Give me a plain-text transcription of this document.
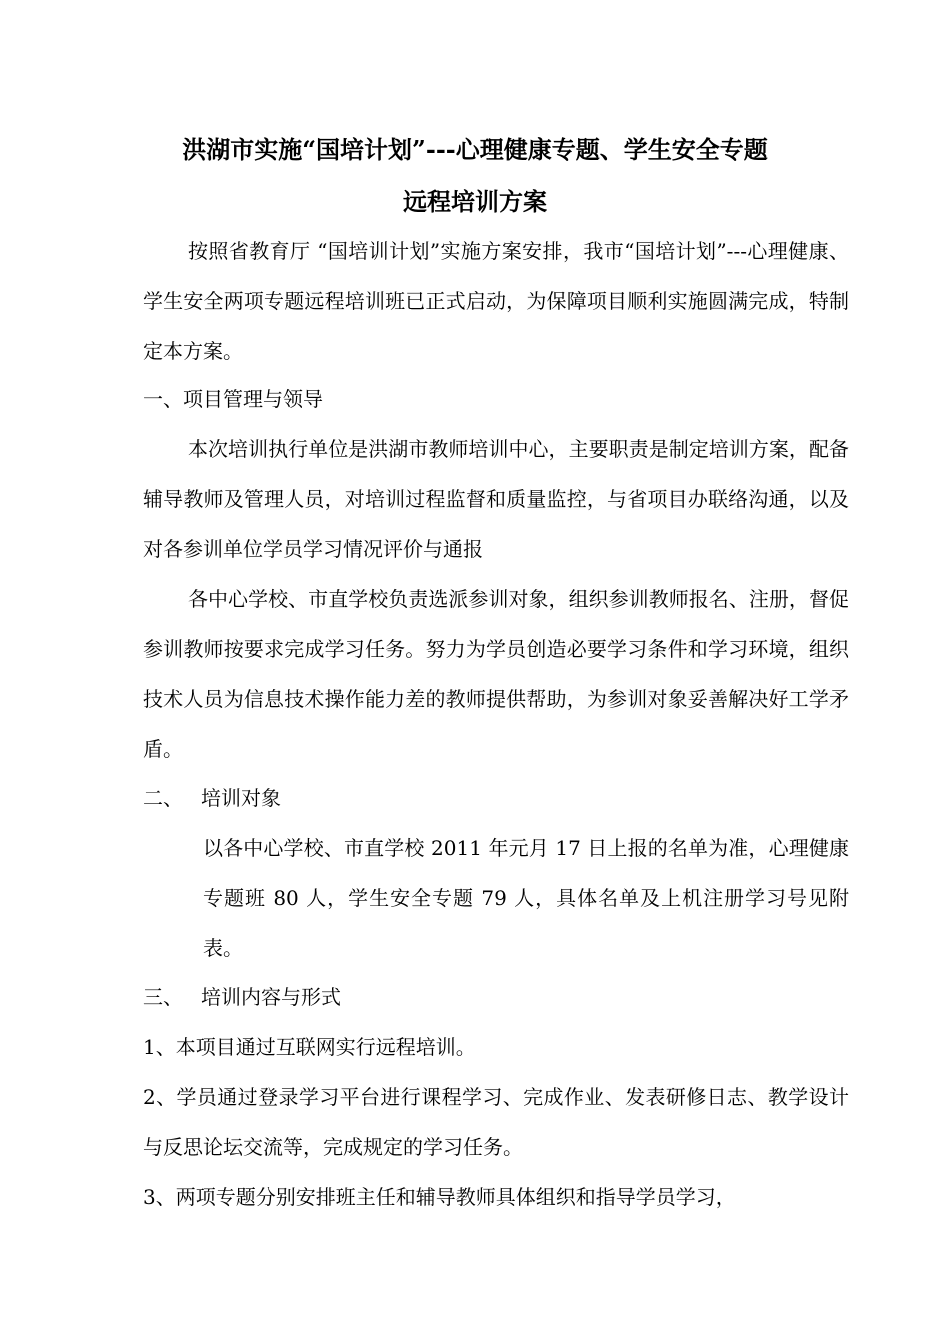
洪湖市实施“国培计划”---心理健康专题、学生安全专题
远程培训方案
按照省教育厅 “国培训计划”实施方案安排，我市“国培计划”---心理健康、学生安全两项专题远程培训班已正式启动，为保障项目顺利实施圆满完成，特制定本方案。
一、项目管理与领导
本次培训执行单位是洪湖市教师培训中心，主要职责是制定培训方案，配备辅导教师及管理人员，对培训过程监督和质量监控，与省项目办联络沟通，以及对各参训单位学员学习情况评价与通报
各中心学校、市直学校负责选派参训对象，组织参训教师报名、注册，督促参训教师按要求完成学习任务。努力为学员创造必要学习条件和学习环境，组织技术人员为信息技术操作能力差的教师提供帮助，为参训对象妥善解决好工学矛盾。
二、 培训对象
以各中心学校、市直学校 2011 年元月 17 日上报的名单为准，心理健康专题班 80 人，学生安全专题 79 人，具体名单及上机注册学习号见附表。
三、 培训内容与形式
1、本项目通过互联网实行远程培训。
2、学员通过登录学习平台进行课程学习、完成作业、发表研修日志、教学设计与反思论坛交流等，完成规定的学习任务。
3、两项专题分别安排班主任和辅导教师具体组织和指导学员学习，
